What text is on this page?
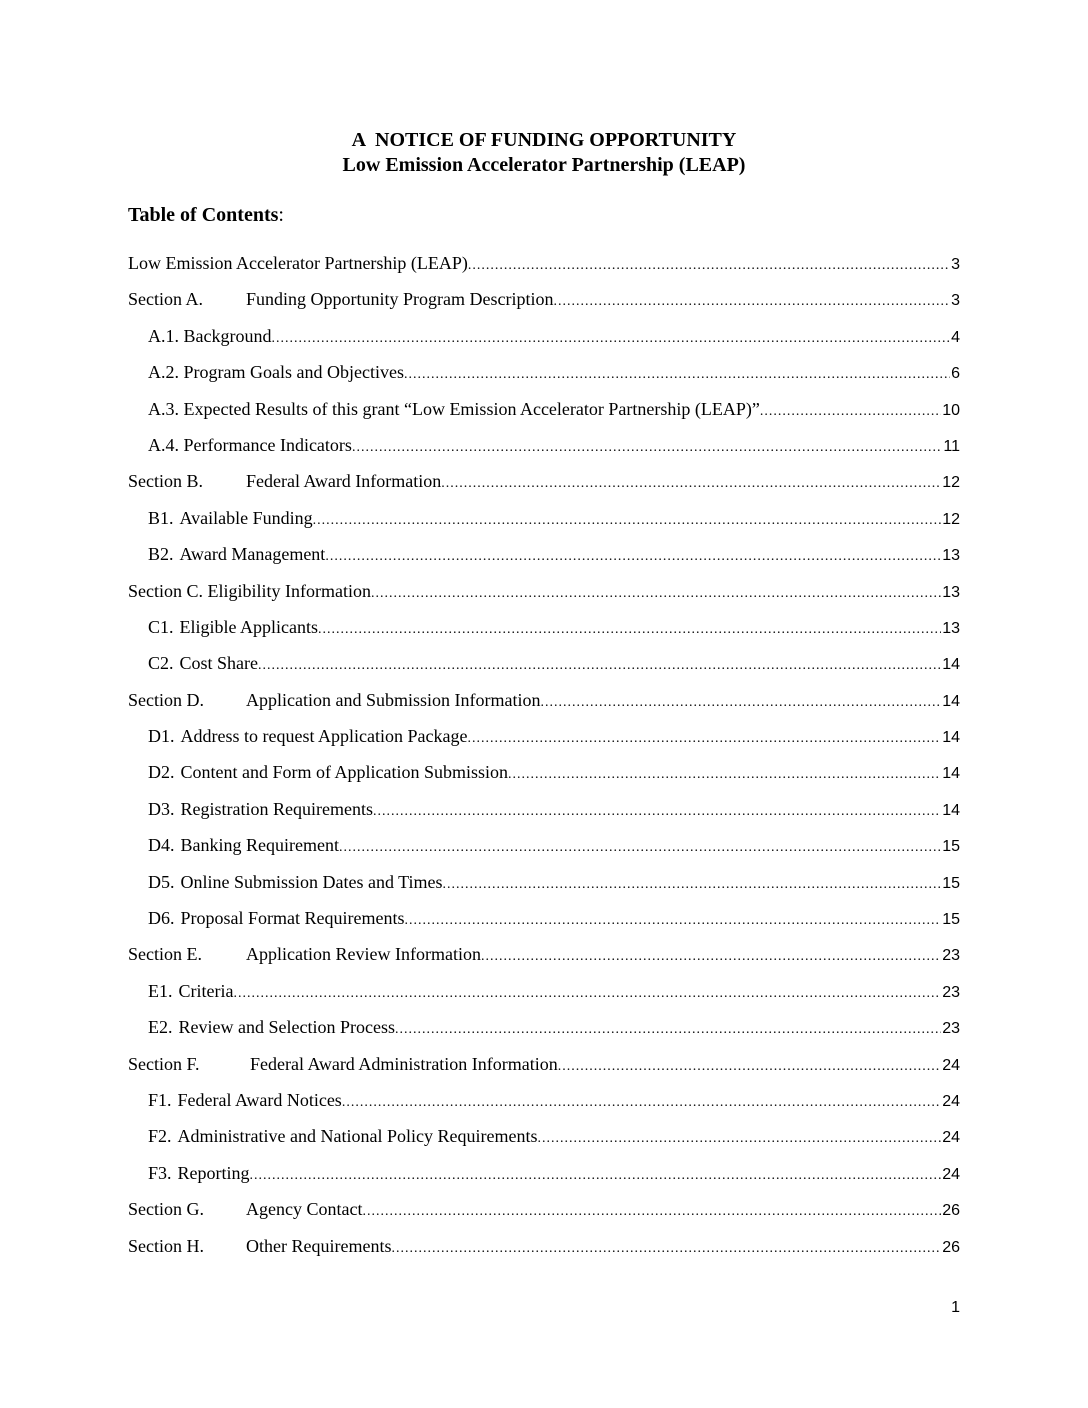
A  NOTICE OF FUNDING OPPORTUNITY
Low Emission Accelerator Partnership (LEAP)
Table of Contents:
Low Emission Accelerator Partnership (LEAP) .....	3
Section A.	Funding Opportunity Program Description .....	3
A.1. Background .....	4
A.2. Program Goals and Objectives .....	6
A.3. Expected Results of this grant “Low Emission Accelerator Partnership (LEAP)” .....	10
A.4. Performance Indicators .....	11
Section B.	Federal Award Information .....	12
B1. Available Funding .....	12
B2. Award Management .....	13
Section C. Eligibility Information .....	13
C1. Eligible Applicants .....	13
C2. Cost Share .....	14
Section D.	Application and Submission Information .....	14
D1. Address to request Application Package .....	14
D2. Content and Form of Application Submission .....	14
D3. Registration Requirements .....	14
D4. Banking Requirement .....	15
D5. Online Submission Dates and Times .....	15
D6. Proposal Format Requirements .....	15
Section E.	Application Review Information .....	23
E1. Criteria .....	23
E2. Review and Selection Process .....	23
Section F.	Federal Award Administration Information .....	24
F1. Federal Award Notices .....	24
F2. Administrative and National Policy Requirements .....	24
F3. Reporting .....	24
Section G.	Agency Contact .....	26
Section H.	Other Requirements .....	26
1
